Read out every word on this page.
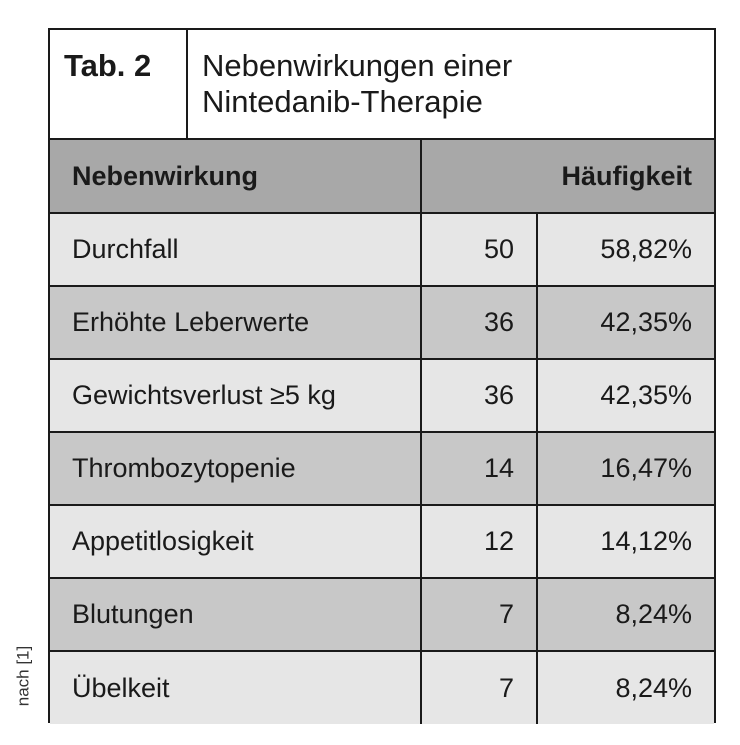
nach [1]
Tab. 2	Nebenwirkungen einer
Nintedanib-Therapie
Nebenwirkung	Häufigkeit	
Durchfall	50	58,82%
Erhöhte Leberwerte	36	42,35%
Gewichtsverlust ≥5 kg	36	42,35%
Thrombozytopenie	14	16,47%
Appetitlosigkeit	12	14,12%
Blutungen	7	8,24%
Übelkeit	7	8,24%
